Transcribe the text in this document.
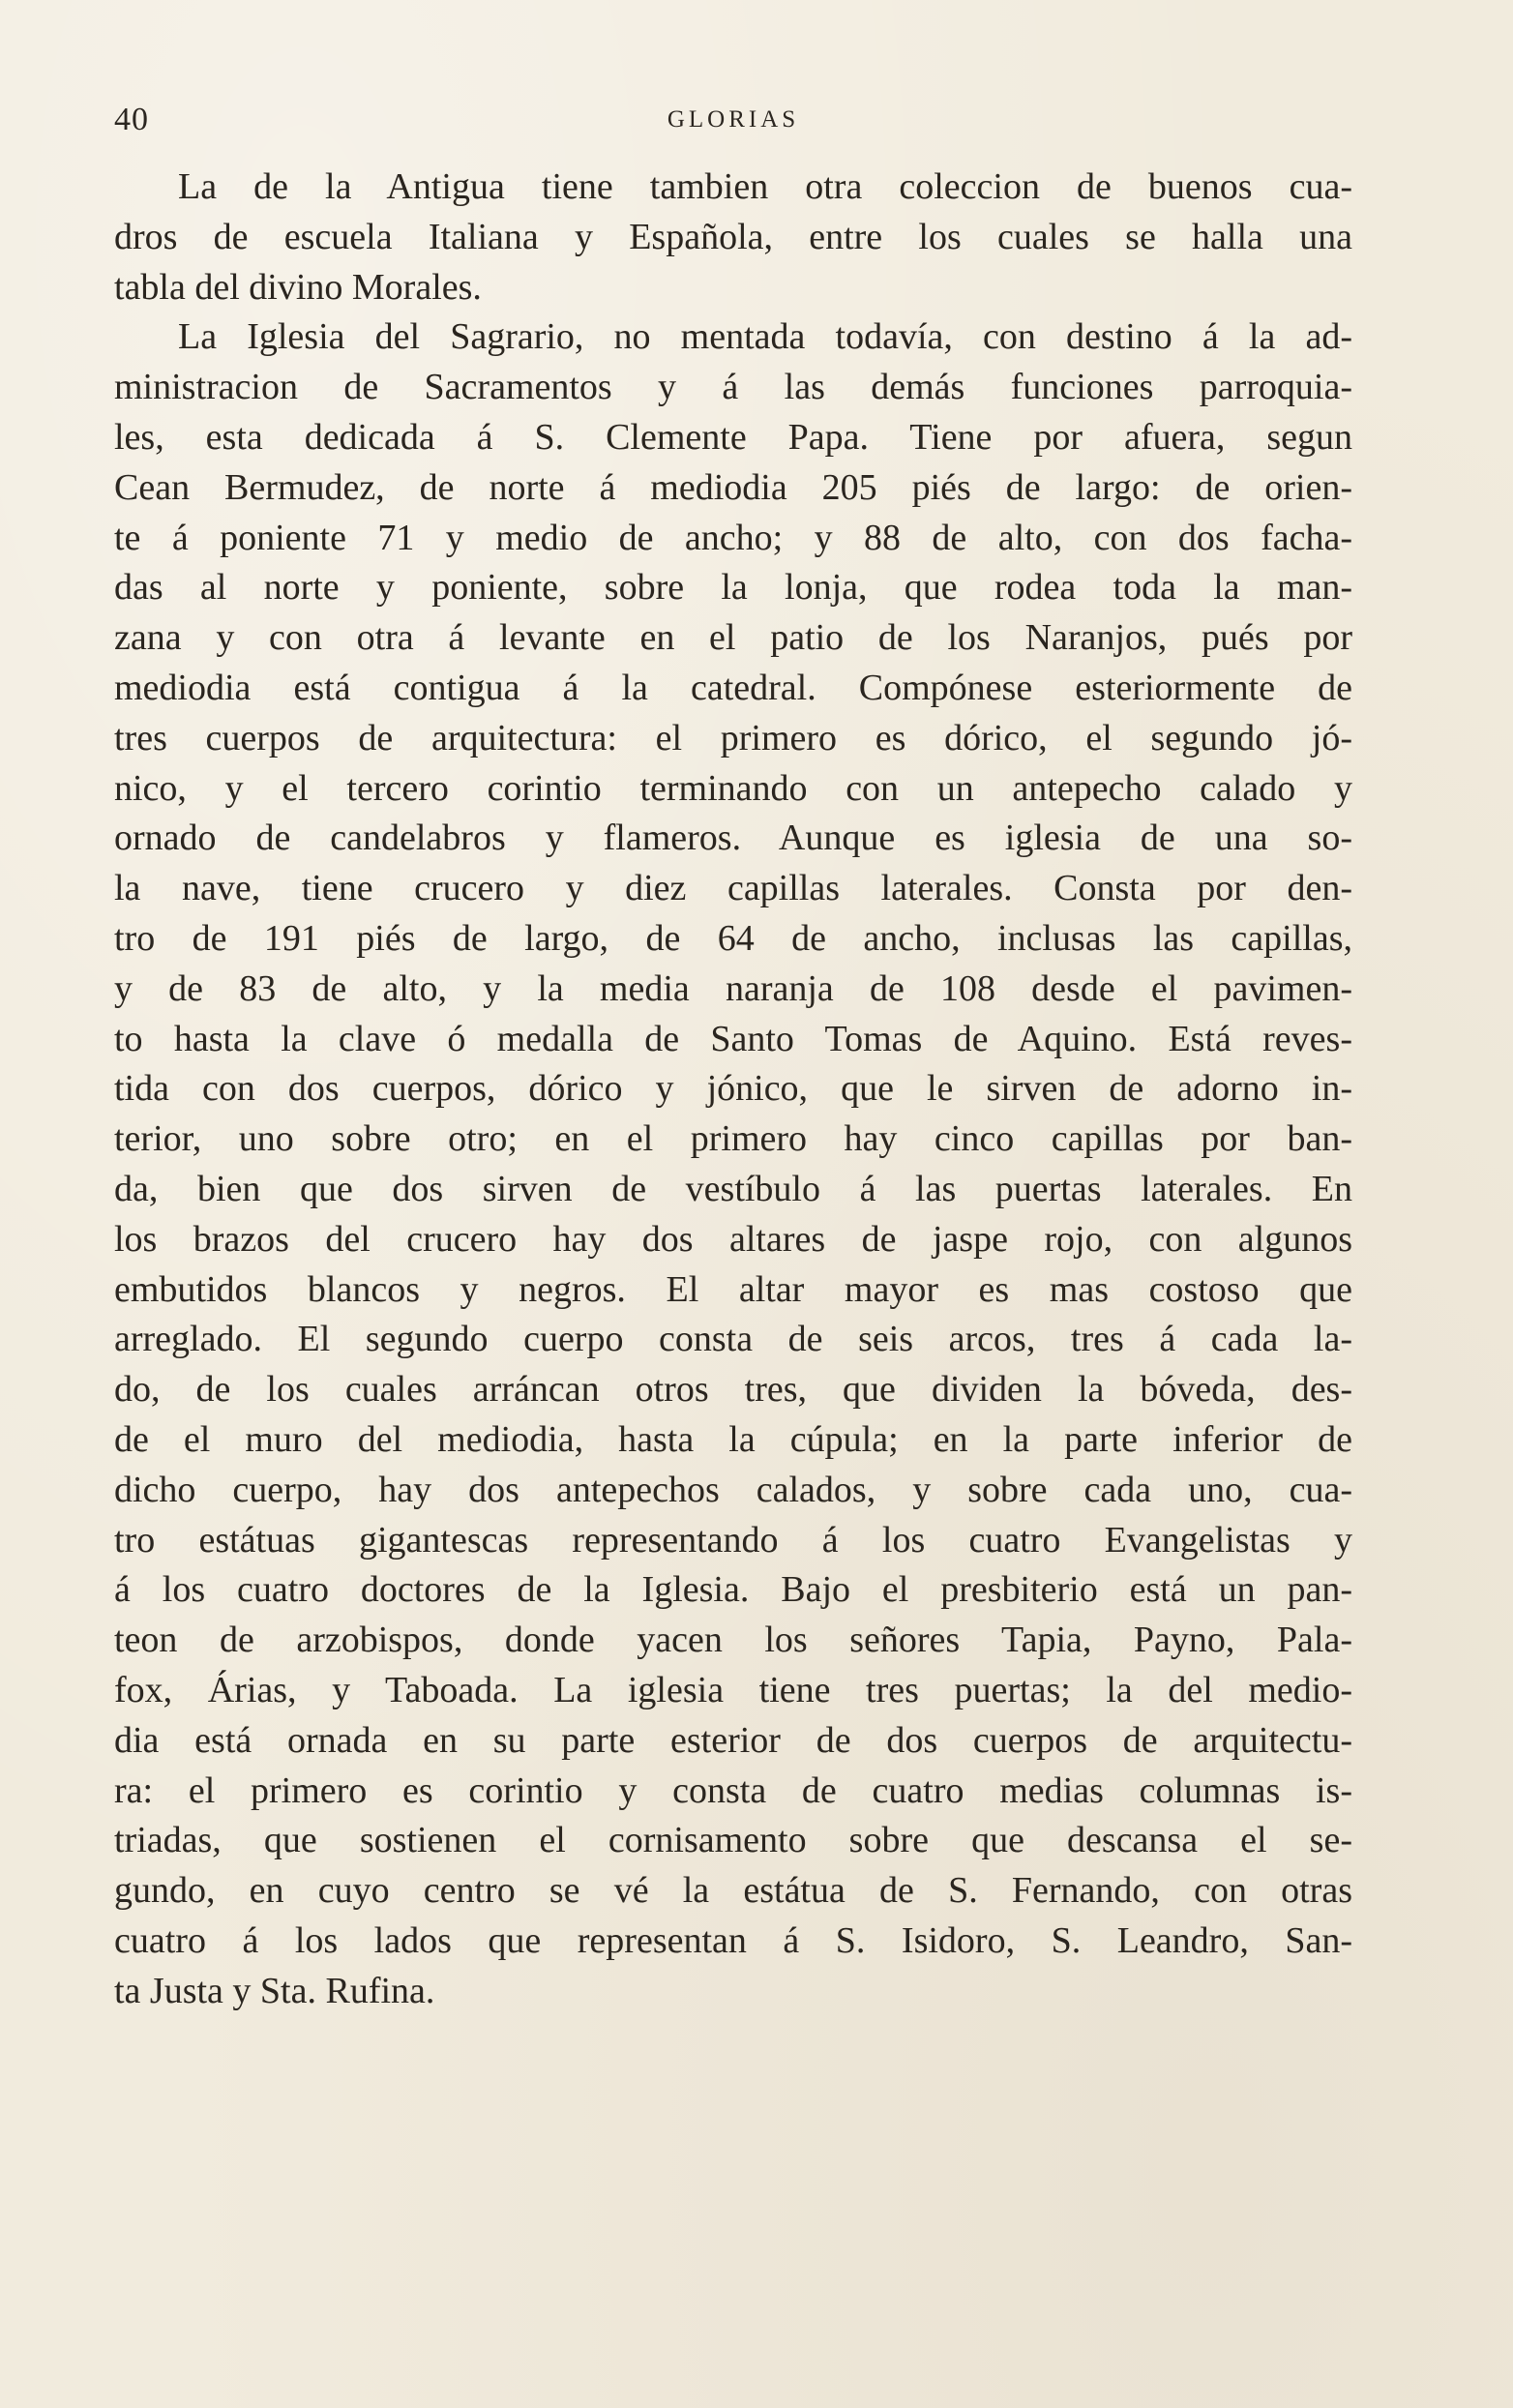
40	GLORIAS
La de la Antigua tiene tambien otra coleccion de buenos cua-
dros de escuela Italiana y Española, entre los cuales se halla una
tabla del divino Morales.
La Iglesia del Sagrario, no mentada todavía, con destino á la ad-
ministracion de Sacramentos y á las demás funciones parroquia-
les, esta dedicada á S. Clemente Papa. Tiene por afuera, segun
Cean Bermudez, de norte á mediodia 205 piés de largo: de orien-
te á poniente 71 y medio de ancho; y 88 de alto, con dos facha-
das al norte y poniente, sobre la lonja, que rodea toda la man-
zana y con otra á levante en el patio de los Naranjos, pués por
mediodia está contigua á la catedral. Compónese esteriormente de
tres cuerpos de arquitectura: el primero es dórico, el segundo jó-
nico, y el tercero corintio terminando con un antepecho calado y
ornado de candelabros y flameros. Aunque es iglesia de una so-
la nave, tiene crucero y diez capillas laterales. Consta por den-
tro de 191 piés de largo, de 64 de ancho, inclusas las capillas,
y de 83 de alto, y la media naranja de 108 desde el pavimen-
to hasta la clave ó medalla de Santo Tomas de Aquino. Está reves-
tida con dos cuerpos, dórico y jónico, que le sirven de adorno in-
terior, uno sobre otro; en el primero hay cinco capillas por ban-
da, bien que dos sirven de vestíbulo á las puertas laterales. En
los brazos del crucero hay dos altares de jaspe rojo, con algunos
embutidos blancos y negros. El altar mayor es mas costoso que
arreglado. El segundo cuerpo consta de seis arcos, tres á cada la-
do, de los cuales arráncan otros tres, que dividen la bóveda, des-
de el muro del mediodia, hasta la cúpula; en la parte inferior de
dicho cuerpo, hay dos antepechos calados, y sobre cada uno, cua-
tro estátuas gigantescas representando á los cuatro Evangelistas y
á los cuatro doctores de la Iglesia. Bajo el presbiterio está un pan-
teon de arzobispos, donde yacen los señores Tapia, Payno, Pala-
fox, Árias, y Taboada. La iglesia tiene tres puertas; la del medio-
dia está ornada en su parte esterior de dos cuerpos de arquitectu-
ra: el primero es corintio y consta de cuatro medias columnas is-
triadas, que sostienen el cornisamento sobre que descansa el se-
gundo, en cuyo centro se vé la estátua de S. Fernando, con otras
cuatro á los lados que representan á S. Isidoro, S. Leandro, San-
ta Justa y Sta. Rufina.
